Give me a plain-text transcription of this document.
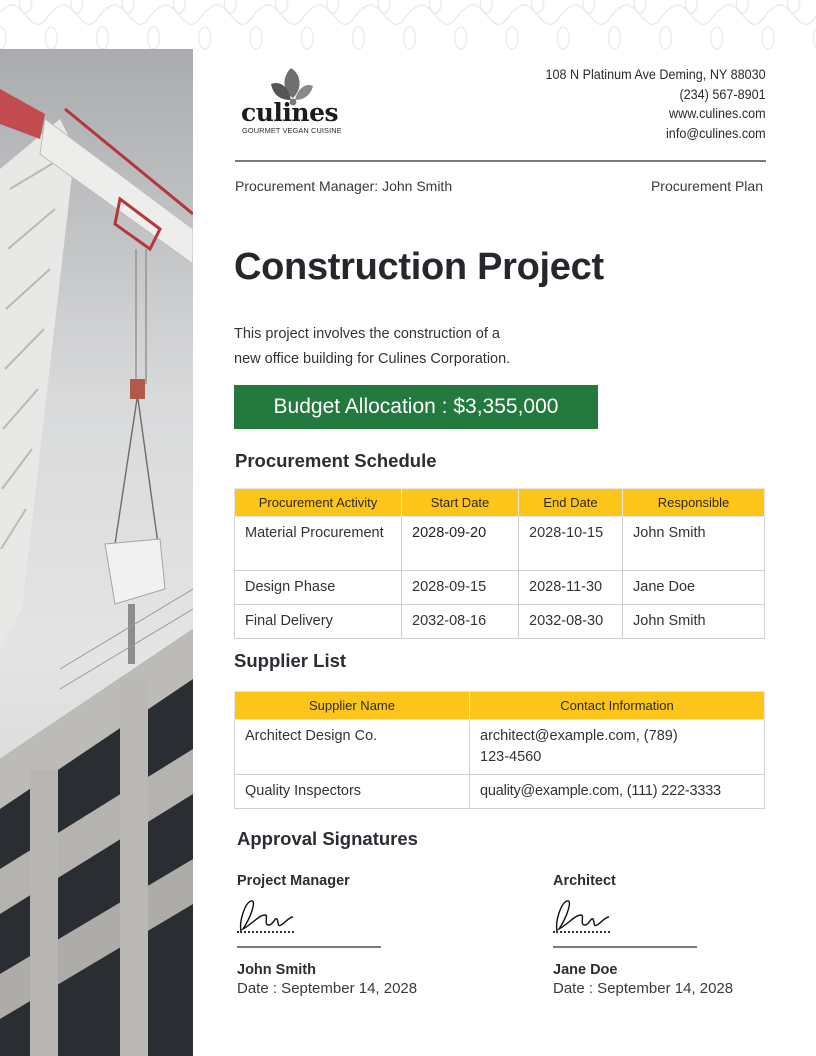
culines
GOURMET VEGAN CUISINE
108 N Platinum Ave Deming, NY 88030
(234) 567-8901
www.culines.com
info@culines.com
Procurement Manager: John Smith	Procurement Plan
Construction Project
This project involves the construction of a
new office building for Culines Corporation.
Budget Allocation : $3,355,000
Procurement Schedule
Procurement Activity	Start Date	End Date	Responsible
Material Procurement	2028-09-20	2028-10-15	John Smith
Design Phase	2028-09-15	2028-11-30	Jane Doe
Final Delivery	2032-08-16	2032-08-30	John Smith
Supplier List
Supplier Name	Contact Information
Architect Design Co.	architect@example.com, (789) 123-4560
Quality Inspectors	quality@example.com, (111) 222-3333
Approval Signatures
Project Manager
John Smith
Date : September 14, 2028
Architect
Jane Doe
Date : September 14, 2028
